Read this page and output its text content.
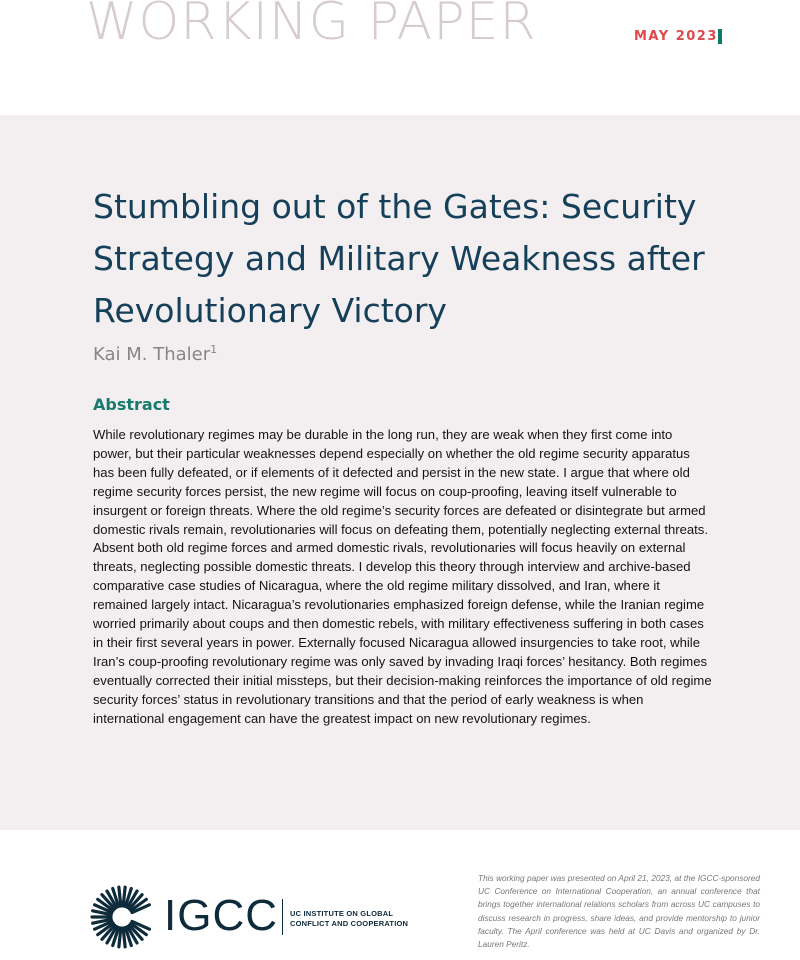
WORKING PAPER	MAY 2023
Stumbling out of the Gates: Security Strategy and Military Weakness after Revolutionary Victory
Kai M. Thaler$^1$
Abstract

While revolutionary regimes may be durable in the long run, they are weak when they first come into power, but their particular weaknesses depend especially on whether the old regime security apparatus has been fully defeated, or if elements of it defected and persist in the new state. I argue that where old regime security forces persist, the new regime will focus on coup-proofing, leaving itself vulnerable to insurgent or foreign threats. Where the old regime’s security forces are defeated or disintegrate but armed domestic rivals remain, revolutionaries will focus on defeating them, potentially neglecting external threats. Absent both old regime forces and armed domestic rivals, revolutionaries will focus heavily on external threats, neglecting possible domestic threats. I develop this theory through interview and archive-based comparative case studies of Nicaragua, where the old regime military dissolved, and Iran, where it remained largely intact. Nicaragua’s revolutionaries emphasized foreign defense, while the Iranian regime worried primarily about coups and then domestic rebels, with military effectiveness suffering in both cases in their first several years in power. Externally focused Nicaragua allowed insurgencies to take root, while Iran’s coup-proofing revolutionary regime was only saved by invading Iraqi forces’ hesitancy. Both regimes eventually corrected their initial missteps, but their decision-making reinforces the importance of old regime security forces’ status in revolutionary transitions and that the period of early weakness is when international engagement can have the greatest impact on new revolutionary regimes.

IGCC UC INSTITUTE ON GLOBAL
CONFLICT AND COOPERATION

This working paper was presented on April 21, 2023, at the IGCC-sponsored UC Conference on International Cooperation, an annual conference that brings together international relations scholars from across UC campuses to discuss research in progress, share ideas, and provide mentorship to junior faculty. The April conference was held at UC Davis and organized by Dr. Lauren Peritz.
